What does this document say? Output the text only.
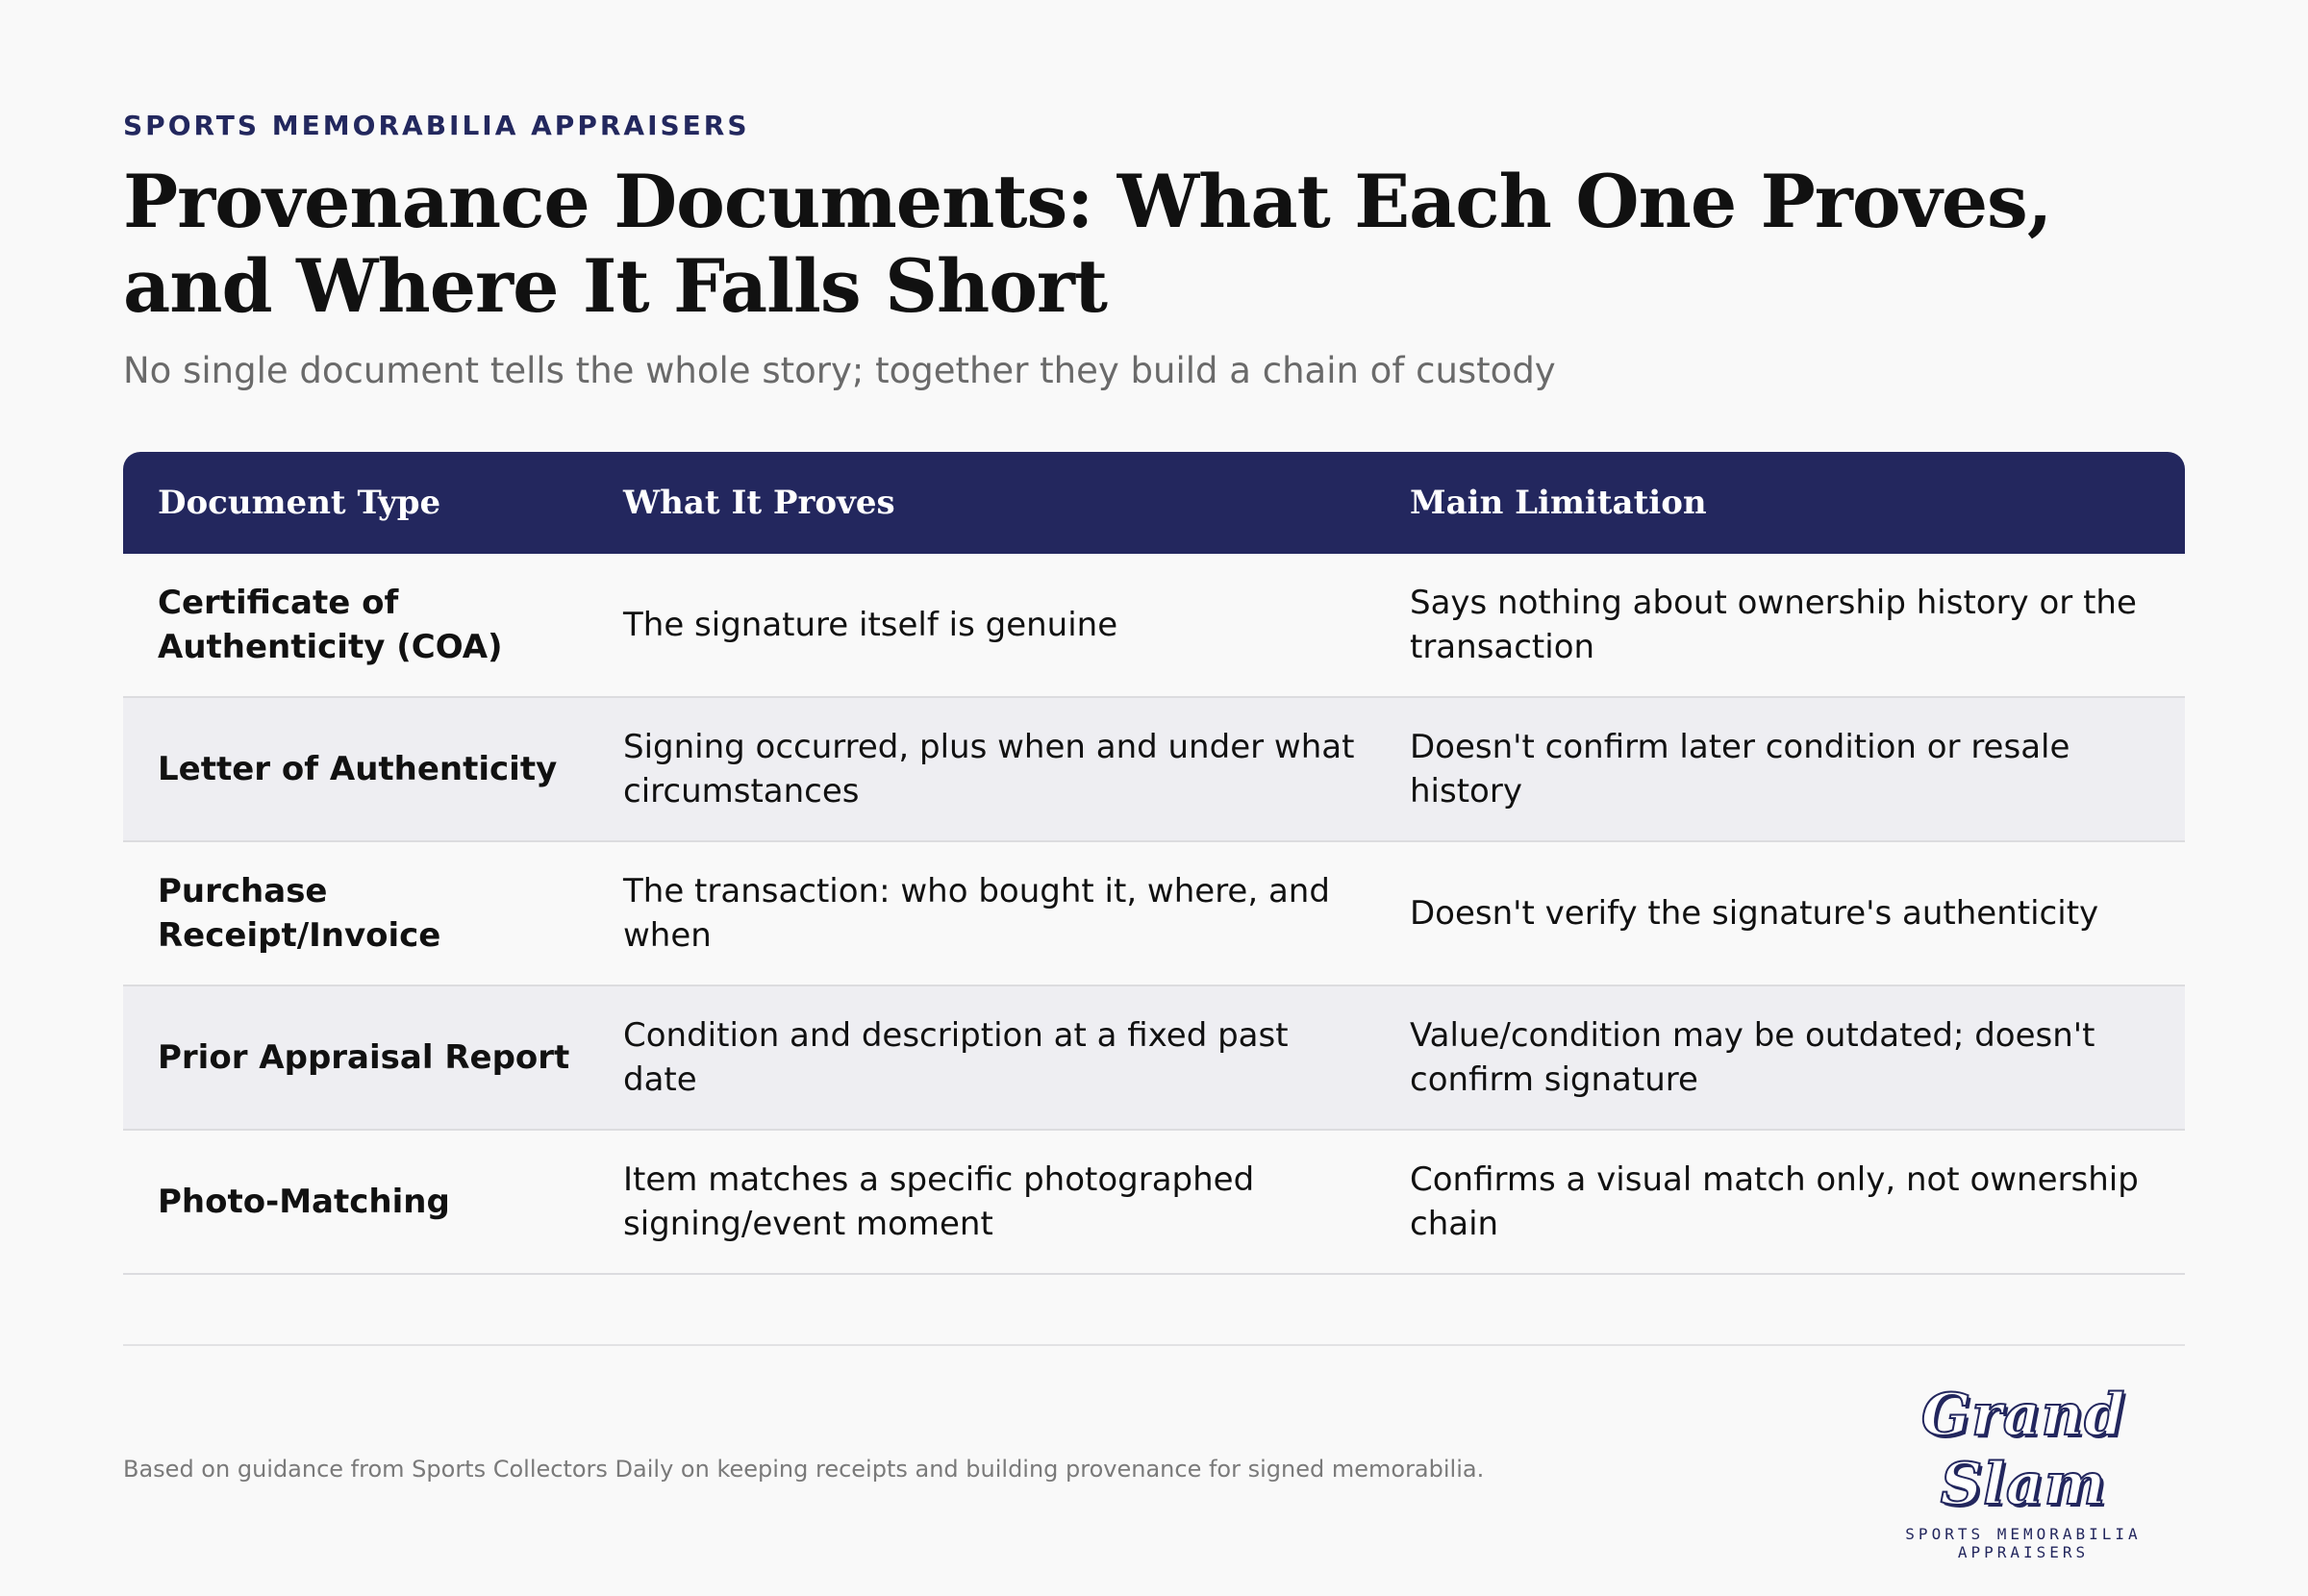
SPORTS MEMORABILIA APPRAISERS
Provenance Documents: What Each One Proves, and Where It Falls Short
No single document tells the whole story; together they build a chain of custody
Document Type	What It Proves	Main Limitation
Certificate of Authenticity (COA)
The signature itself is genuine
Says nothing about ownership history or the transaction
Letter of Authenticity
Signing occurred, plus when and under what circumstances
Doesn't confirm later condition or resale history
Purchase Receipt/Invoice
The transaction: who bought it, where, and when
Doesn't verify the signature's authenticity
Prior Appraisal Report
Condition and description at a fixed past date
Value/condition may be outdated; doesn't confirm signature
Photo-Matching
Item matches a specific photographed signing/event moment
Confirms a visual match only, not ownership chain
Based on guidance from Sports Collectors Daily on keeping receipts and building provenance for signed memorabilia.
Grand Slam
SPORTS MEMORABILIA APPRAISERS
